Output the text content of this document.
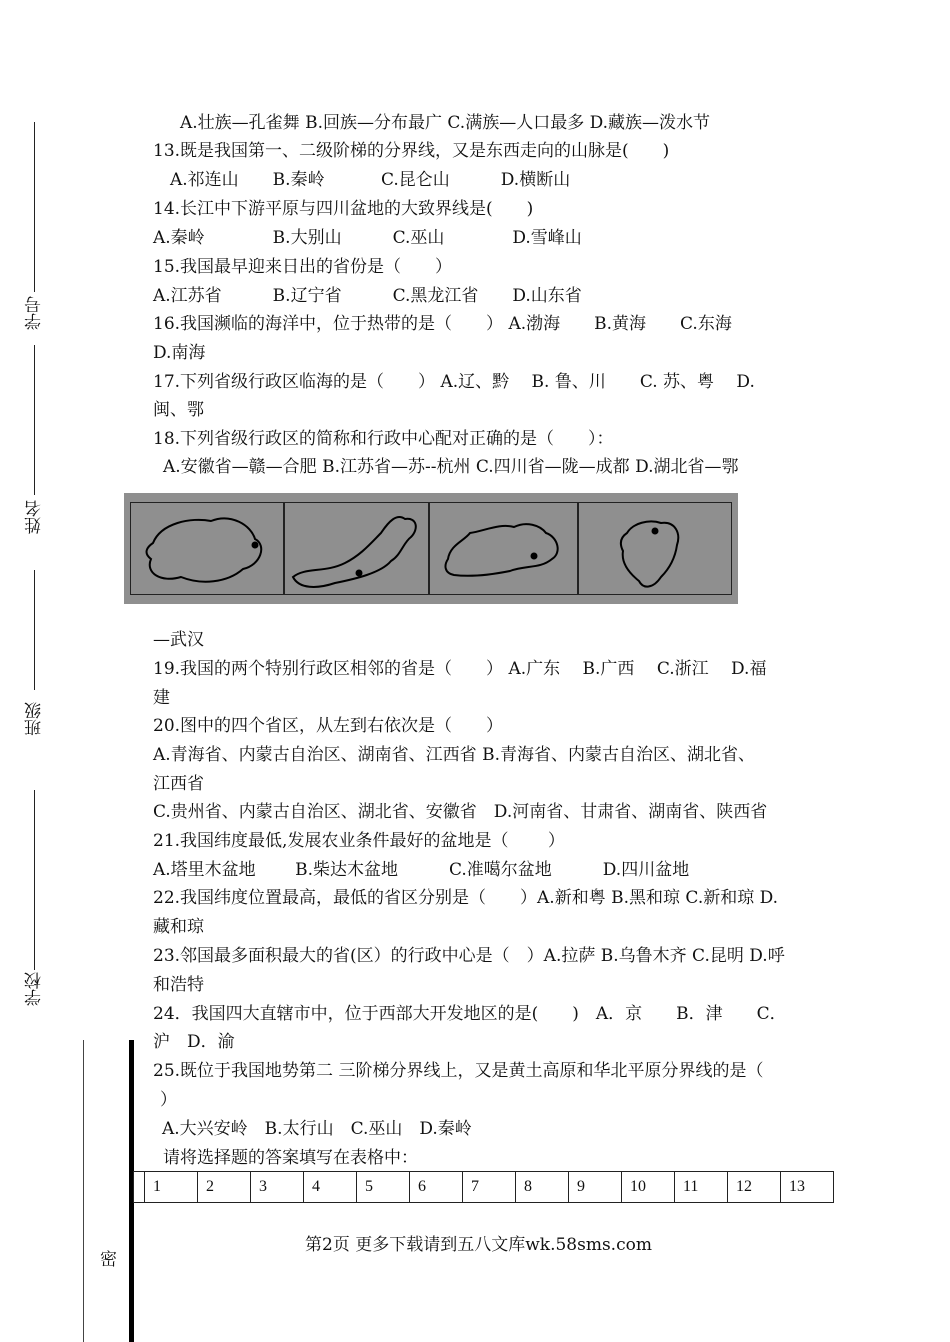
学号
姓名
班级
学校
密
A.壮族—孔雀舞 B.回族—分布最广 C.满族—人口最多 D.藏族—泼水节
13.既是我国第一、二级阶梯的分界线，又是东西走向的山脉是(　　)
A.祁连山　　B.秦岭　　　 C.昆仑山　　　D.横断山
14.长江中下游平原与四川盆地的大致界线是(　　)
A.秦岭　　　　B.大别山　　　C.巫山　　　　D.雪峰山
15.我国最早迎来日出的省份是（　　）
A.江苏省　　　B.辽宁省　　　C.黑龙江省　　D.山东省
16.我国濒临的海洋中，位于热带的是（　　） A.渤海　　B.黄海　　C.东海
D.南海
17.下列省级行政区临海的是（　　） A.辽、黔　 B. 鲁、川　　C. 苏、粤　 D.
闽、鄂
18.下列省级行政区的简称和行政中心配对正确的是（　　）：
A.安徽省—赣—合肥 B.江苏省—苏--杭州 C.四川省—陇—成都 D.湖北省—鄂
—武汉
19.我国的两个特别行政区相邻的省是（　　） A.广东　 B.广西　 C.浙江　 D.福
建
20.图中的四个省区，从左到右依次是（　　）
A.青海省、内蒙古自治区、湖南省、江西省 B.青海省、内蒙古自治区、湖北省、
江西省
C.贵州省、内蒙古自治区、湖北省、安徽省　D.河南省、甘肃省、湖南省、陕西省
21.我国纬度最低,发展农业条件最好的盆地是（　　 ）
A.塔里木盆地　　 B.柴达木盆地　　　C.准噶尔盆地　　　D.四川盆地
22.我国纬度位置最高，最低的省区分别是（　　）A.新和粤 B.黑和琼 C.新和琼 D.
藏和琼
23.邻国最多面积最大的省(区）的行政中心是（　）A.拉萨 B.乌鲁木齐 C.昆明 D.呼
和浩特
24．我国四大直辖市中，位于西部大开发地区的是(　　)　A．京　　B．津　　C．
沪　D．渝
25.既位于我国地势第二 三阶梯分界线上，又是黄土高原和华北平原分界线的是（
）
A.大兴安岭　B.太行山　C.巫山　D.秦岭
请将选择题的答案填写在表格中：
	1	2	3	4	5	6	7	8	9	10	11	12	13
第2页 更多下载请到五八文库wk.58sms.com
